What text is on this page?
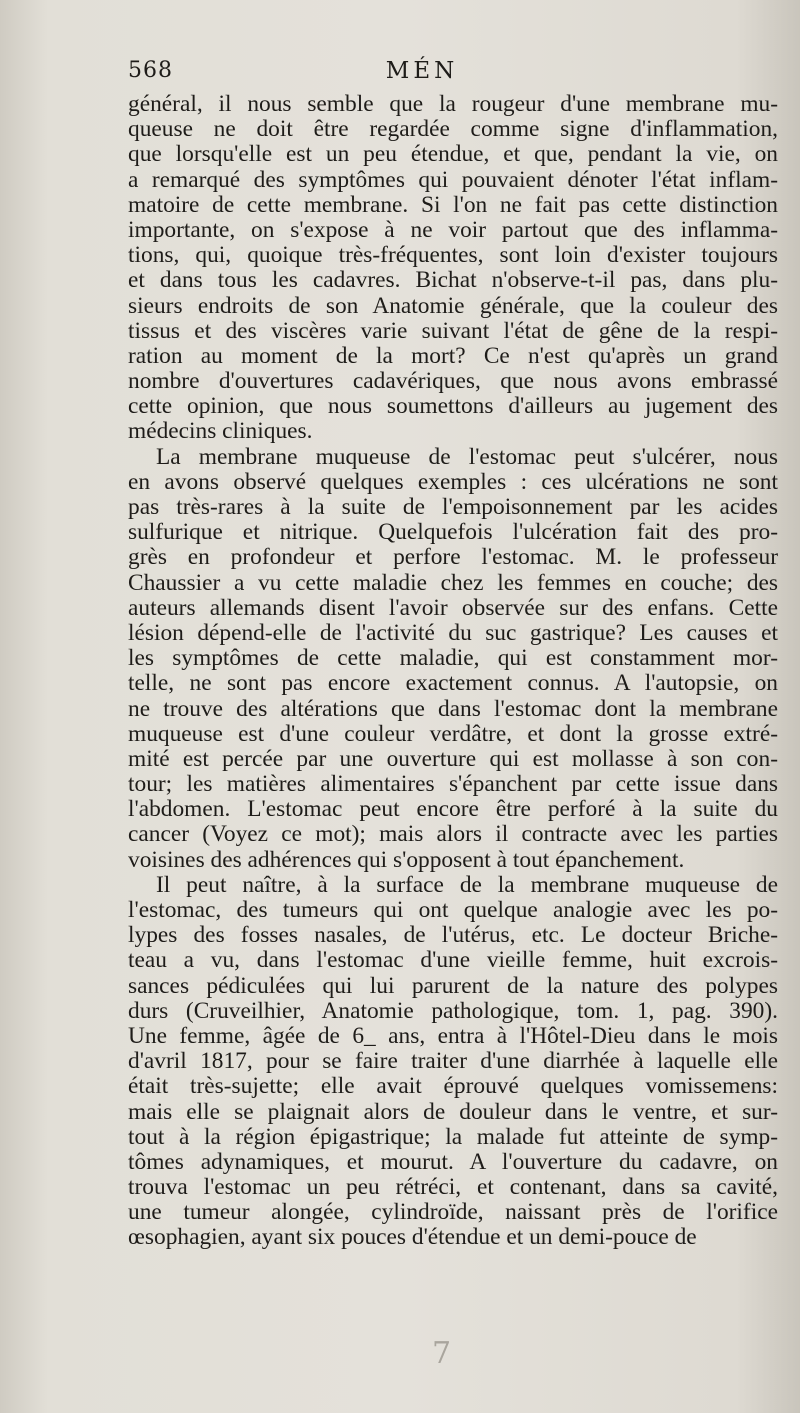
568	MÉN
général, il nous semble que la rougeur d'une membrane mu-
queuse ne doit être regardée comme signe d'inflammation,
que lorsqu'elle est un peu étendue, et que, pendant la vie, on
a remarqué des symptômes qui pouvaient dénoter l'état inflam-
matoire de cette membrane. Si l'on ne fait pas cette distinction
importante, on s'expose à ne voir partout que des inflamma-
tions, qui, quoique très-fréquentes, sont loin d'exister toujours
et dans tous les cadavres. Bichat n'observe-t-il pas, dans plu-
sieurs endroits de son Anatomie générale, que la couleur des
tissus et des viscères varie suivant l'état de gêne de la respi-
ration au moment de la mort? Ce n'est qu'après un grand
nombre d'ouvertures cadavériques, que nous avons embrassé
cette opinion, que nous soumettons d'ailleurs au jugement des
médecins cliniques.
La membrane muqueuse de l'estomac peut s'ulcérer, nous
en avons observé quelques exemples : ces ulcérations ne sont
pas très-rares à la suite de l'empoisonnement par les acides
sulfurique et nitrique. Quelquefois l'ulcération fait des pro-
grès en profondeur et perfore l'estomac. M. le professeur
Chaussier a vu cette maladie chez les femmes en couche; des
auteurs allemands disent l'avoir observée sur des enfans. Cette
lésion dépend-elle de l'activité du suc gastrique? Les causes et
les symptômes de cette maladie, qui est constamment mor-
telle, ne sont pas encore exactement connus. A l'autopsie, on
ne trouve des altérations que dans l'estomac dont la membrane
muqueuse est d'une couleur verdâtre, et dont la grosse extré-
mité est percée par une ouverture qui est mollasse à son con-
tour; les matières alimentaires s'épanchent par cette issue dans
l'abdomen. L'estomac peut encore être perforé à la suite du
cancer (Voyez ce mot); mais alors il contracte avec les parties
voisines des adhérences qui s'opposent à tout épanchement.
Il peut naître, à la surface de la membrane muqueuse de
l'estomac, des tumeurs qui ont quelque analogie avec les po-
lypes des fosses nasales, de l'utérus, etc. Le docteur Briche-
teau a vu, dans l'estomac d'une vieille femme, huit excrois-
sances pédiculées qui lui parurent de la nature des polypes
durs (Cruveilhier, Anatomie pathologique, tom. 1, pag. 390).
Une femme, âgée de 6_ ans, entra à l'Hôtel-Dieu dans le mois
d'avril 1817, pour se faire traiter d'une diarrhée à laquelle elle
était très-sujette; elle avait éprouvé quelques vomissemens:
mais elle se plaignait alors de douleur dans le ventre, et sur-
tout à la région épigastrique; la malade fut atteinte de symp-
tômes adynamiques, et mourut. A l'ouverture du cadavre, on
trouva l'estomac un peu rétréci, et contenant, dans sa cavité,
une tumeur alongée, cylindroïde, naissant près de l'orifice
œsophagien, ayant six pouces d'étendue et un demi-pouce de
7
